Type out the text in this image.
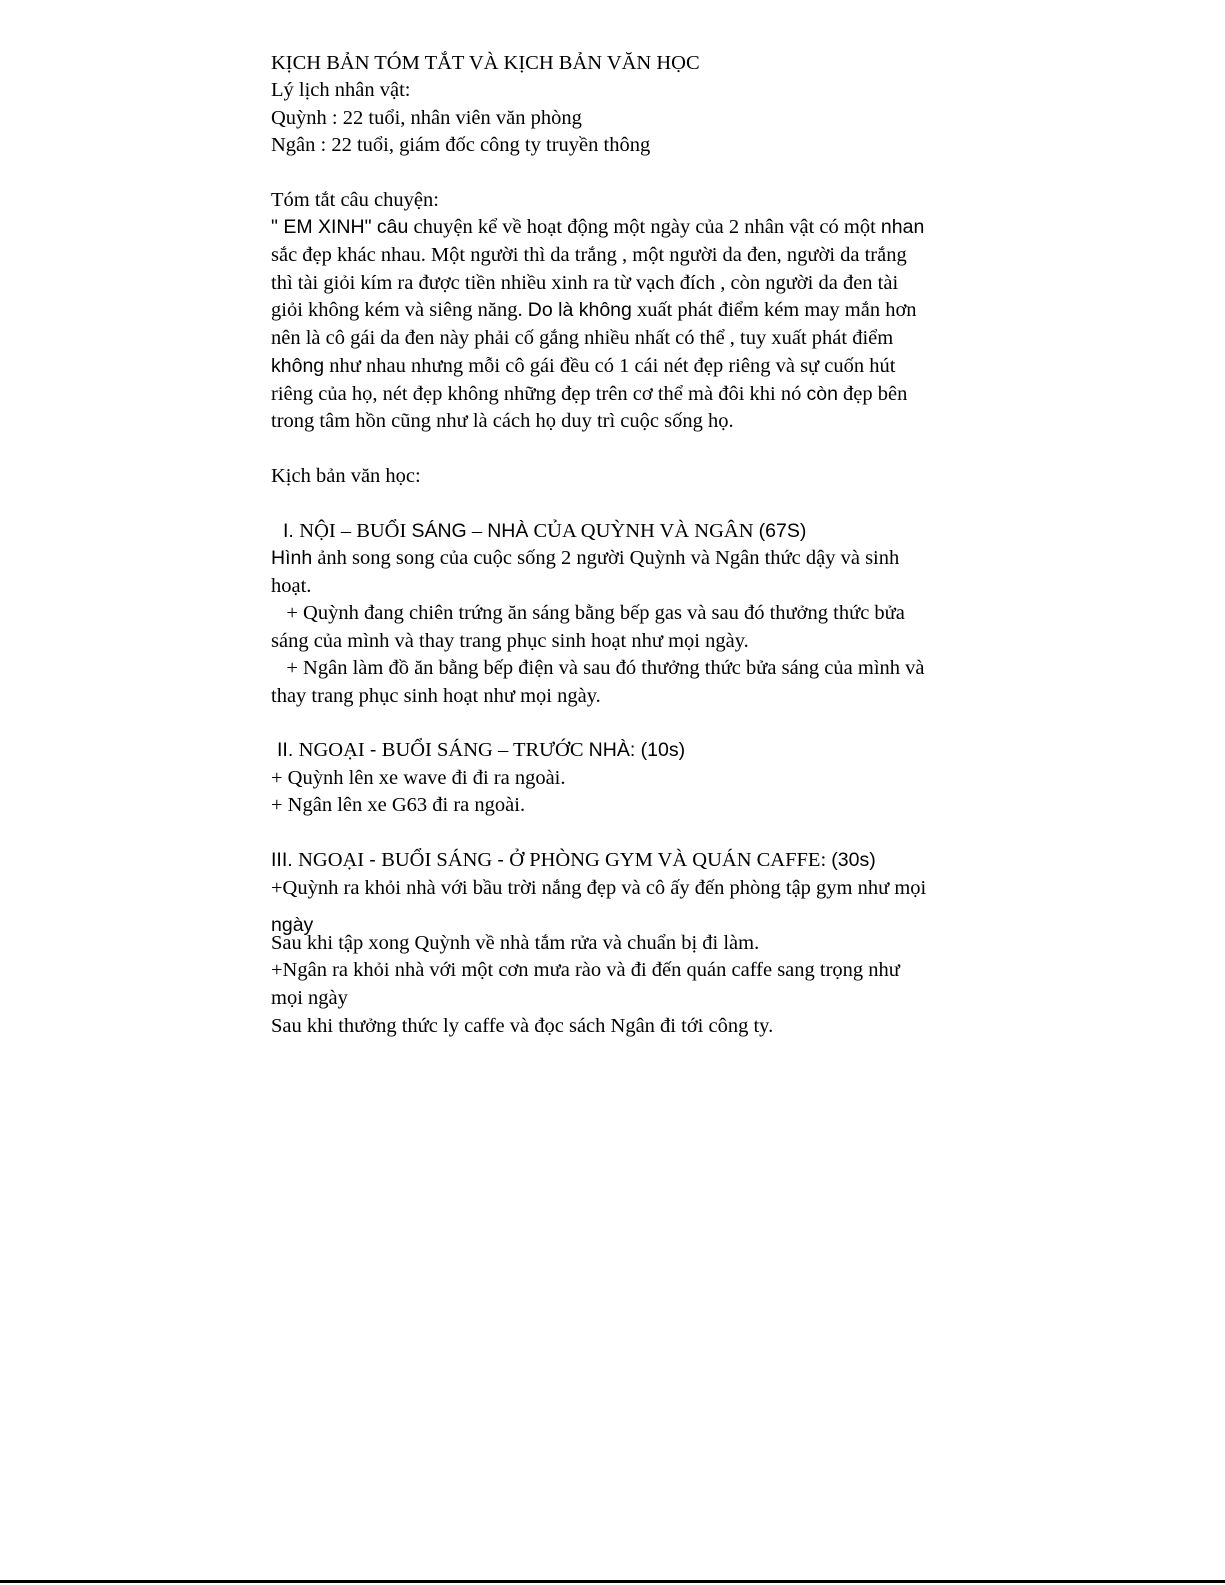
KỊCH BẢN TÓM TẮT VÀ KỊCH BẢN VĂN HỌC
Lý lịch nhân vật:
Quỳnh : 22 tuổi, nhân viên văn phòng
Ngân : 22 tuổi, giám đốc công ty truyền thông
Tóm tắt câu chuyện:
" EM XINH" câu chuyện kể về hoạt động một ngày của 2 nhân vật có một nhan
sắc đẹp khác nhau. Một người thì da trắng , một người da đen, người da trắng
thì tài giỏi kím ra được tiền nhiều xinh ra từ vạch đích , còn người da đen tài
giỏi không kém và siêng năng. Do là không xuất phát điểm kém may mắn hơn
nên là cô gái da đen này phải cố gắng nhiều nhất có thể , tuy xuất phát điểm
không như nhau nhưng mỗi cô gái đều có 1 cái nét đẹp riêng và sự cuốn hút
riêng của họ, nét đẹp không những đẹp trên cơ thể mà đôi khi nó còn đẹp bên
trong tâm hồn cũng như là cách họ duy trì cuộc sống họ.
Kịch bản văn học:
I. NỘI – BUỔI SÁNG – NHÀ CỦA QUỲNH VÀ NGÂN (67S)
Hình ảnh song song của cuộc sống 2 người Quỳnh và Ngân thức dậy và sinh
hoạt.
+ Quỳnh đang chiên trứng ăn sáng bằng bếp gas và sau đó thưởng thức bửa
sáng của mình và thay trang phục sinh hoạt như mọi ngày.
+ Ngân làm đồ ăn bằng bếp điện và sau đó thưởng thức bửa sáng của mình và
thay trang phục sinh hoạt như mọi ngày.
II. NGOẠI - BUỔI SÁNG – TRƯỚC NHÀ: (10s)
+ Quỳnh lên xe wave đi đi ra ngoài.
+ Ngân lên xe G63 đi ra ngoài.
III. NGOẠI - BUỔI SÁNG - Ở PHÒNG GYM VÀ QUÁN CAFFE: (30s)
+Quỳnh ra khỏi nhà với bầu trời nắng đẹp và cô ấy đến phòng tập gym như mọi
ngày
Sau khi tập xong Quỳnh về nhà tắm rửa và chuẩn bị đi làm.
+Ngân ra khỏi nhà với một cơn mưa rào và đi đến quán caffe sang trọng như
mọi ngày
Sau khi thưởng thức ly caffe và đọc sách Ngân đi tới công ty.
